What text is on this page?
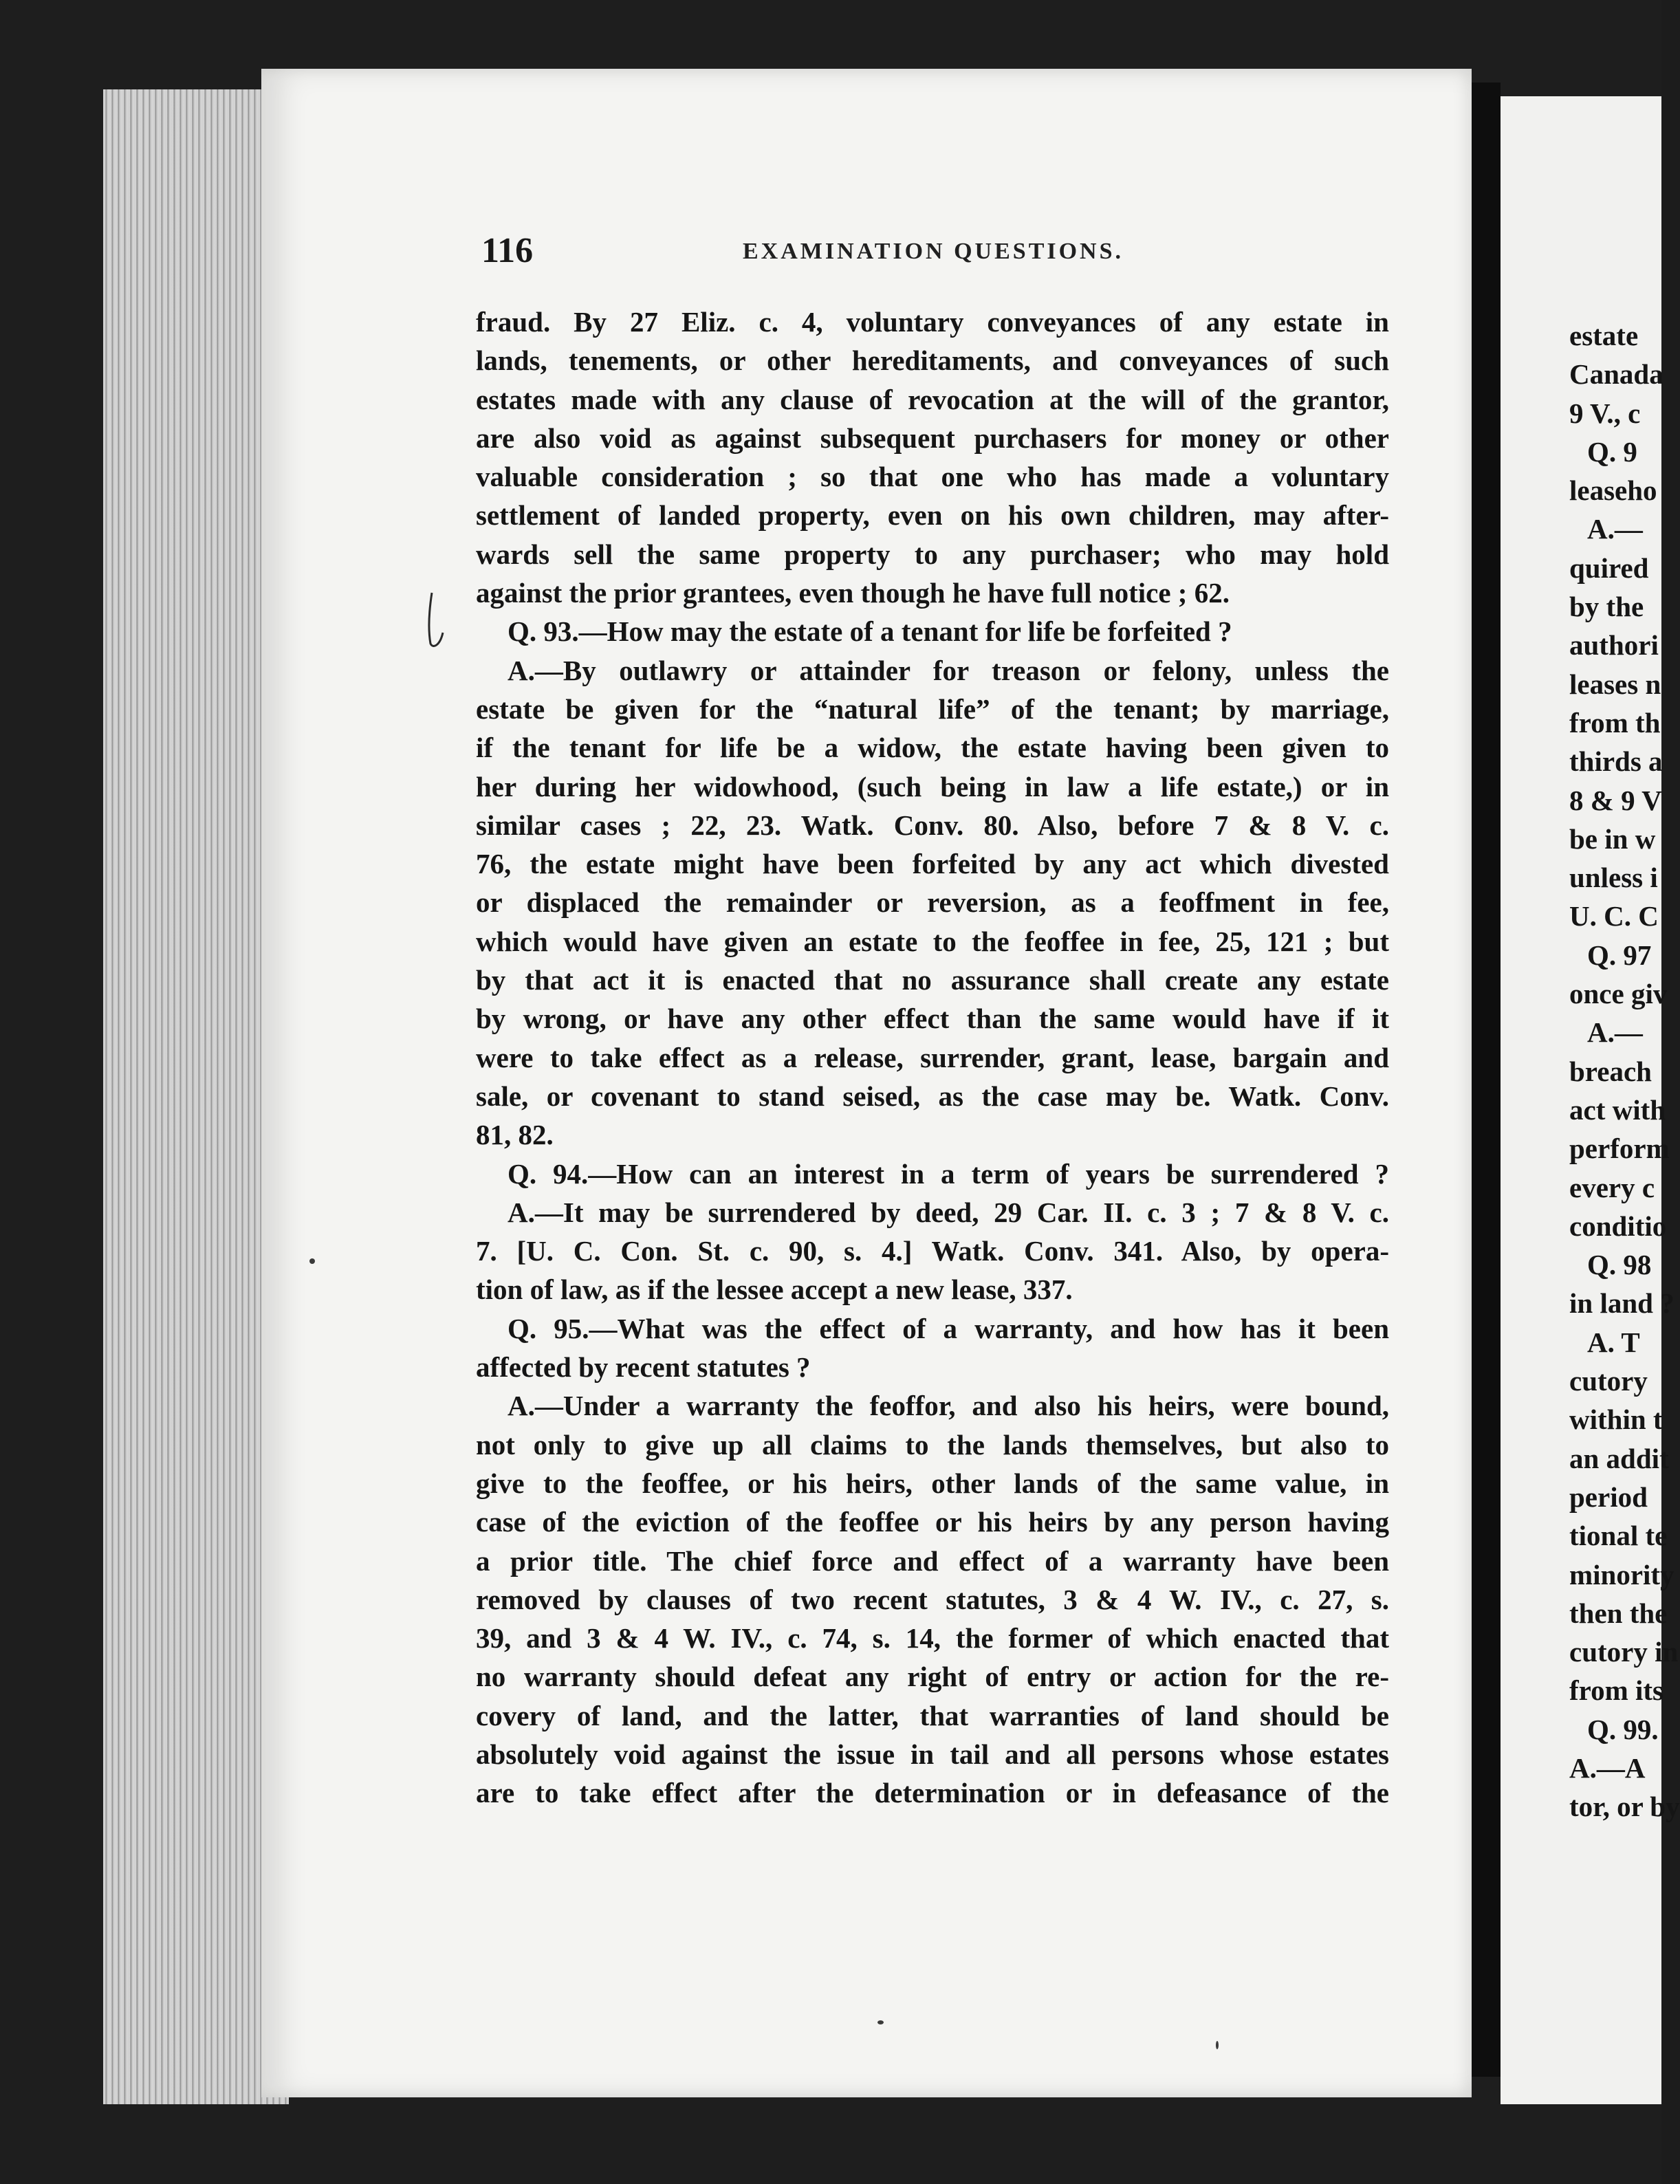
116	EXAMINATION QUESTIONS.
fraud. By 27 Eliz. c. 4, voluntary conveyances of any estate in
lands, tenements, or other hereditaments, and conveyances of such
estates made with any clause of revocation at the will of the grantor,
are also void as against subsequent purchasers for money or other
valuable consideration ; so that one who has made a voluntary
settlement of landed property, even on his own children, may after-
wards sell the same property to any purchaser; who may hold
against the prior grantees, even though he have full notice ; 62.
Q. 93.—How may the estate of a tenant for life be forfeited ?
A.—By outlawry or attainder for treason or felony, unless the
estate be given for the “natural life” of the tenant; by marriage,
if the tenant for life be a widow, the estate having been given to
her during her widowhood, (such being in law a life estate,) or in
similar cases ; 22, 23. Watk. Conv. 80. Also, before 7 & 8 V. c.
76, the estate might have been forfeited by any act which divested
or displaced the remainder or reversion, as a feoffment in fee,
which would have given an estate to the feoffee in fee, 25, 121 ; but
by that act it is enacted that no assurance shall create any estate
by wrong, or have any other effect than the same would have if it
were to take effect as a release, surrender, grant, lease, bargain and
sale, or covenant to stand seised, as the case may be. Watk. Conv.
81, 82.
Q. 94.—How can an interest in a term of years be surrendered ?
A.—It may be surrendered by deed, 29 Car. II. c. 3 ; 7 & 8 V. c.
7. [U. C. Con. St. c. 90, s. 4.] Watk. Conv. 341. Also, by opera-
tion of law, as if the lessee accept a new lease, 337.
Q. 95.—What was the effect of a warranty, and how has it been
affected by recent statutes ?
A.—Under a warranty the feoffor, and also his heirs, were bound,
not only to give up all claims to the lands themselves, but also to
give to the feoffee, or his heirs, other lands of the same value, in
case of the eviction of the feoffee or his heirs by any person having
a prior title. The chief force and effect of a warranty have been
removed by clauses of two recent statutes, 3 & 4 W. IV., c. 27, s.
39, and 3 & 4 W. IV., c. 74, s. 14, the former of which enacted that
no warranty should defeat any right of entry or action for the re-
covery of land, and the latter, that warranties of land should be
absolutely void against the issue in tail and all persons whose estates
are to take effect after the determination or in defeasance of the
estate
Canada
9 V., c
Q. 9
leaseho
A.—
quired
by the
authori
leases n
from th
thirds a
8 & 9 V
be in w
unless i
U. C. C
Q. 97
once giv
A.—
breach
act with
perform
every c
conditio
Q. 98
in land ?
A. T
cutory
within t
an addit
period
tional te
minority
then the
cutory in
from its
Q. 99.
A.—A
tor, or by
